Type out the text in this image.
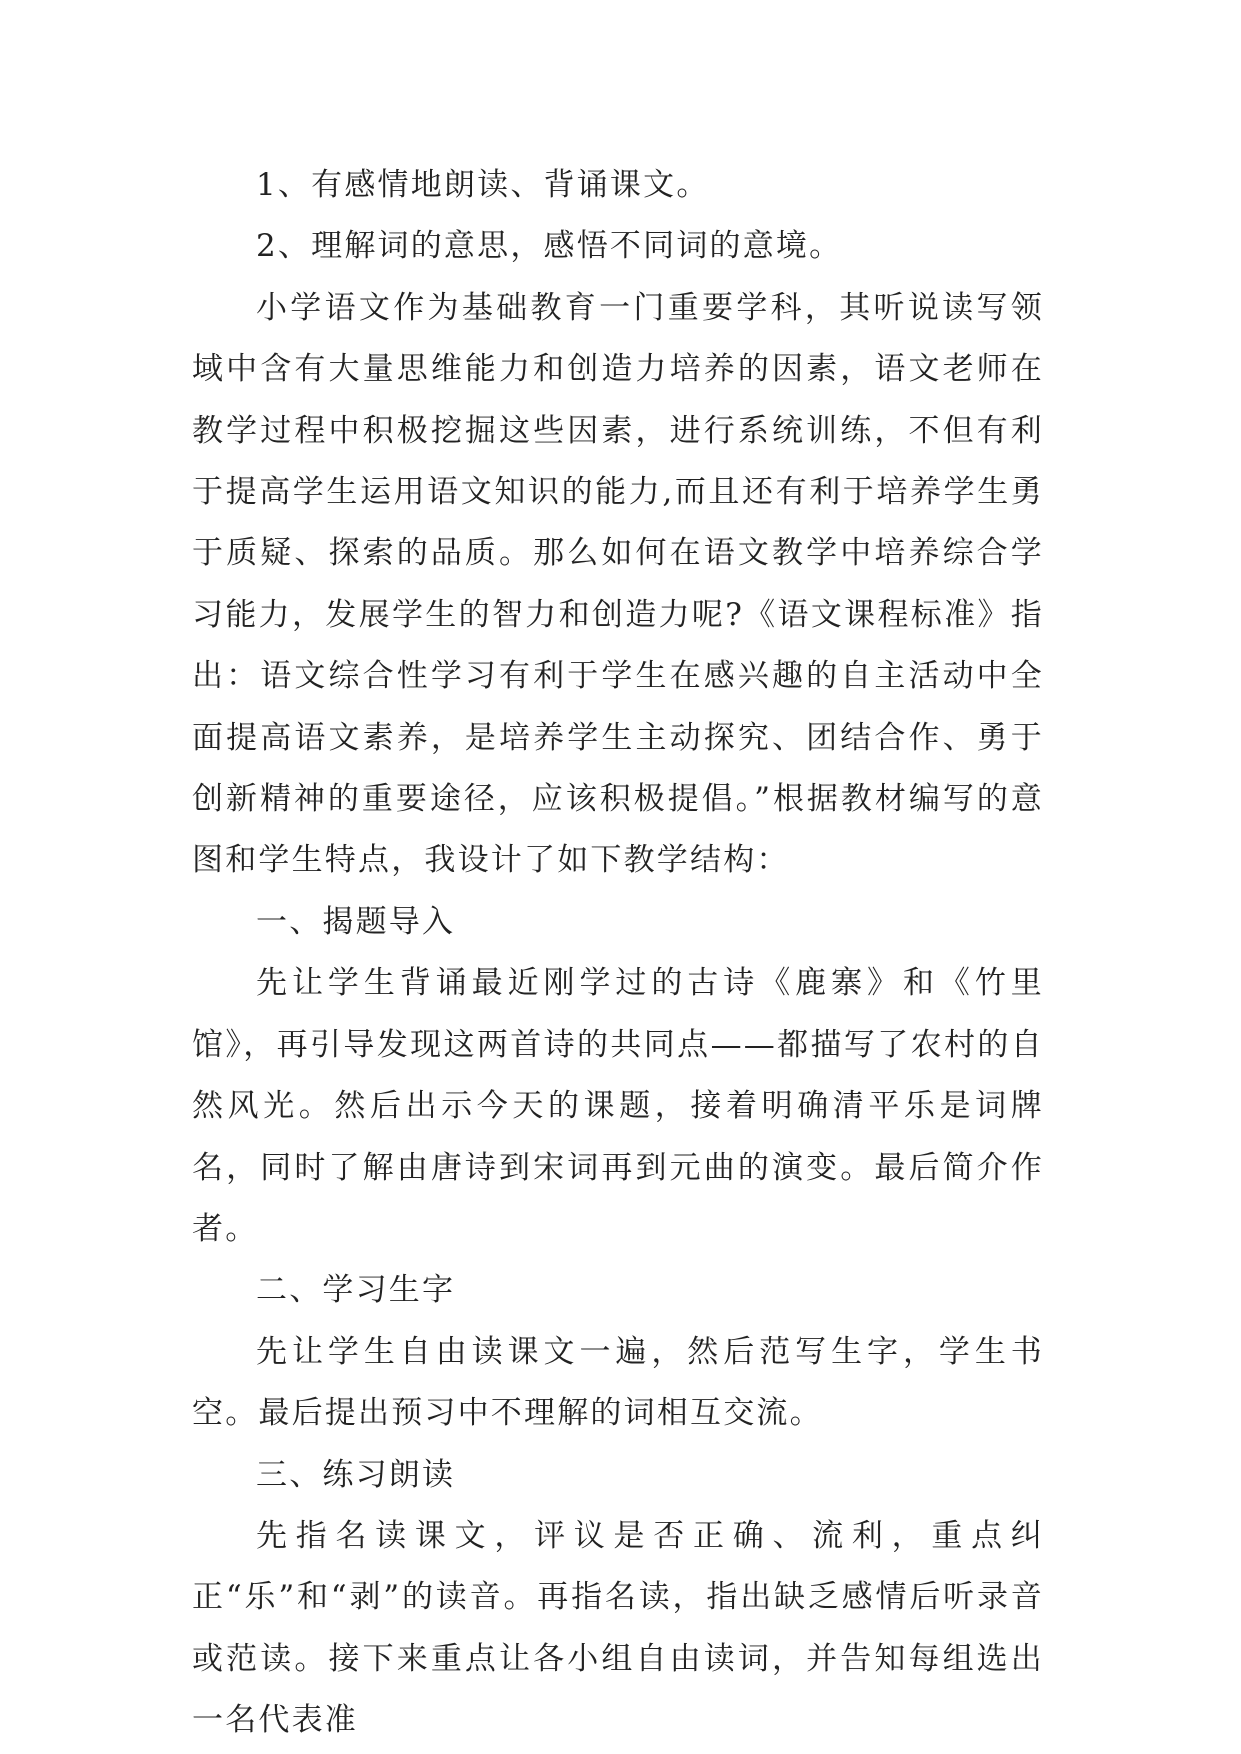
1、有感情地朗读、背诵课文。

2、理解词的意思，感悟不同词的意境。

小学语文作为基础教育一门重要学科，其听说读写领域中含有大量思维能力和创造力培养的因素，语文老师在教学过程中积极挖掘这些因素，进行系统训练，不但有利于提高学生运用语文知识的能力,而且还有利于培养学生勇于质疑、探索的品质。那么如何在语文教学中培养综合学习能力，发展学生的智力和创造力呢?《语文课程标准》指出：语文综合性学习有利于学生在感兴趣的自主活动中全面提高语文素养，是培养学生主动探究、团结合作、勇于创新精神的重要途径，应该积极提倡。”根据教材编写的意图和学生特点，我设计了如下教学结构：

一、揭题导入

先让学生背诵最近刚学过的古诗《鹿寨》和《竹里馆》，再引导发现这两首诗的共同点——都描写了农村的自然风光。然后出示今天的课题，接着明确清平乐是词牌名，同时了解由唐诗到宋词再到元曲的演变。最后简介作者。

二、学习生字

先让学生自由读课文一遍，然后范写生字，学生书空。最后提出预习中不理解的词相互交流。

三、练习朗读

先指名读课文，评议是否正确、流利，重点纠正“乐”和“剥”的读音。再指名读，指出缺乏感情后听录音或范读。接下来重点让各小组自由读词，并告知每组选出一名代表准
